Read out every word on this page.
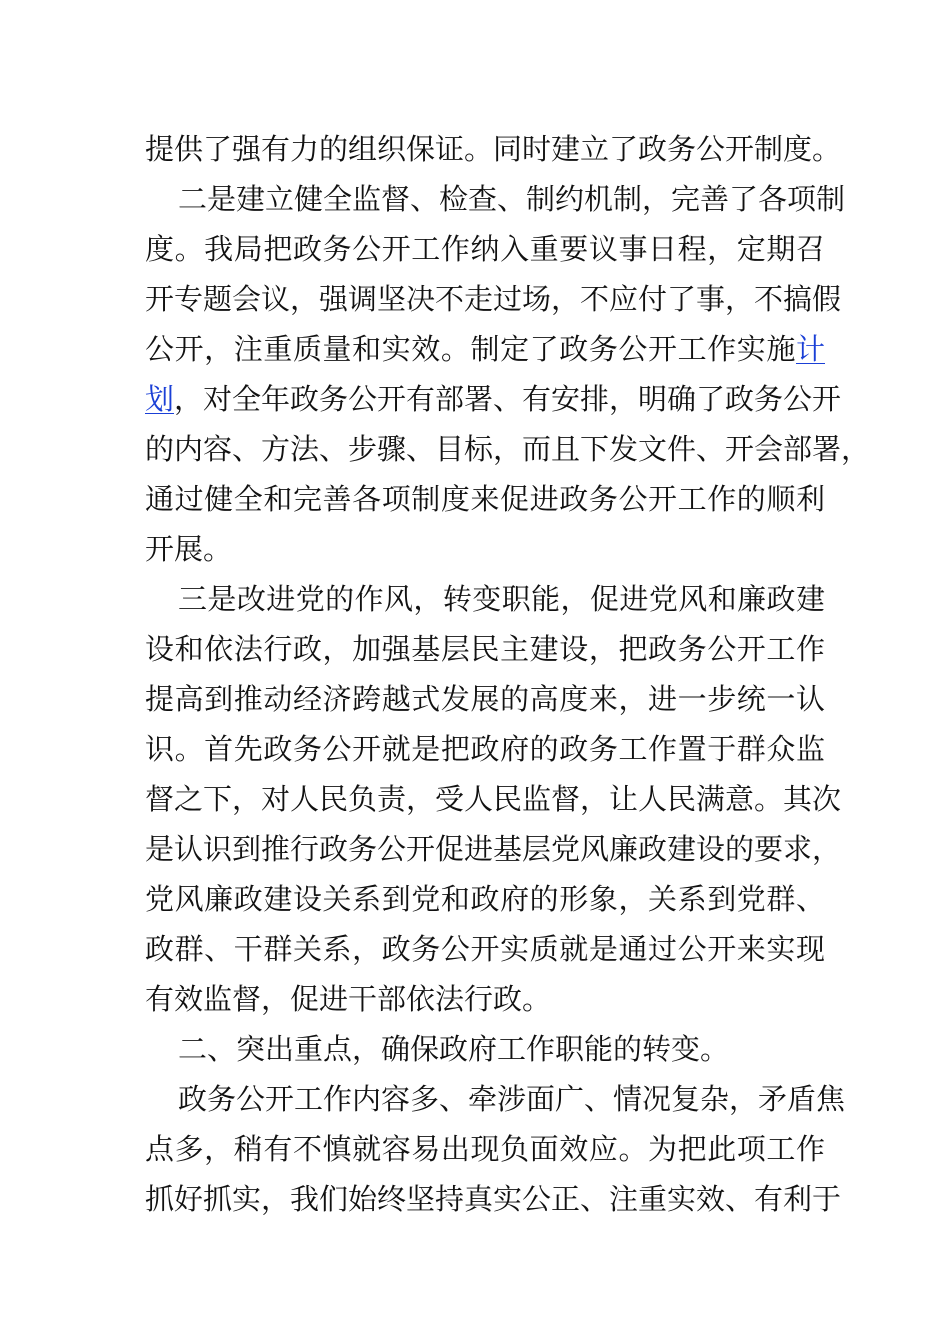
提供了强有力的组织保证。同时建立了政务公开制度。
二是建立健全监督、检查、制约机制，完善了各项制
度。我局把政务公开工作纳入重要议事日程，定期召
开专题会议，强调坚决不走过场，不应付了事，不搞假
公开，注重质量和实效。制定了政务公开工作实施计
划，对全年政务公开有部署、有安排，明确了政务公开
的内容、方法、步骤、目标，而且下发文件、开会部署，
通过健全和完善各项制度来促进政务公开工作的顺利
开展。
三是改进党的作风，转变职能，促进党风和廉政建
设和依法行政，加强基层民主建设，把政务公开工作
提高到推动经济跨越式发展的高度来，进一步统一认
识。首先政务公开就是把政府的政务工作置于群众监
督之下，对人民负责，受人民监督，让人民满意。其次
是认识到推行政务公开促进基层党风廉政建设的要求，
党风廉政建设关系到党和政府的形象，关系到党群、
政群、干群关系，政务公开实质就是通过公开来实现
有效监督，促进干部依法行政。
二、突出重点，确保政府工作职能的转变。
政务公开工作内容多、牵涉面广、情况复杂，矛盾焦
点多，稍有不慎就容易出现负面效应。为把此项工作
抓好抓实，我们始终坚持真实公正、注重实效、有利于
